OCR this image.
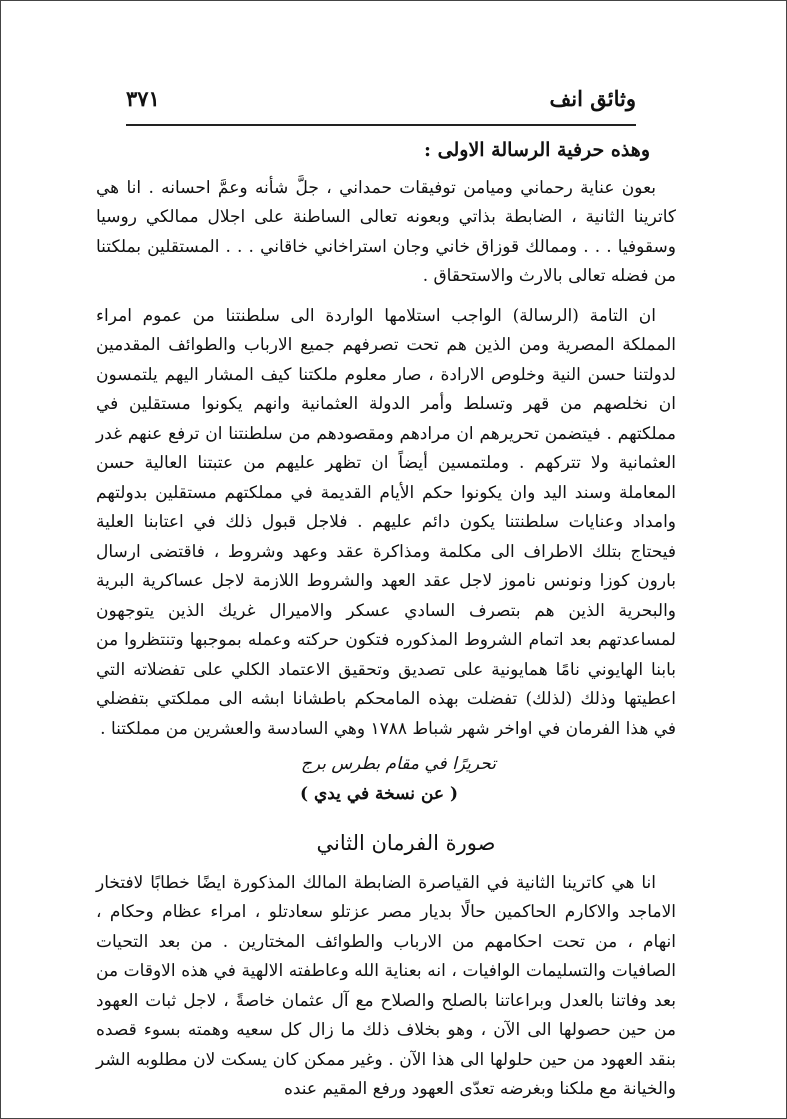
وثائق انف
٣٧١

وهذه حرفية الرسالة الاولى :

بعون عناية رحماني وميامن توفيقات حمداني ، جلَّ شأنه وعمَّ احسانه . انا هي كاترينا الثانية ، الضابطة بذاتي وبعونه تعالى الساطنة على اجلال ممالكي روسيا وسقوفيا . . . وممالك قوزاق خاني وجان استراخاني خاقاني . . . المستقلين بملكتنا من فضله تعالى بالارث والاستحقاق .

ان التامة (الرسالة) الواجب استلامها الواردة الى سلطنتنا من عموم امراء المملكة المصرية ومن الذين هم تحت تصرفهم جميع الارباب والطوائف المقدمين لدولتنا حسن النية وخلوص الارادة ، صار معلوم ملكتنا كيف المشار اليهم يلتمسون ان نخلصهم من قهر وتسلط وأمر الدولة العثمانية وانهم يكونوا مستقلين في مملكتهم . فيتضمن تحريرهم ان مرادهم ومقصودهم من سلطنتنا ان ترفع عنهم غدر العثمانية ولا تتركهم . وملتمسين أيضاً ان تظهر عليهم من عتبتنا العالية حسن المعاملة وسند اليد وان يكونوا حكم الأيام القديمة في مملكتهم مستقلين بدولتهم وامداد وعنايات سلطنتنا يكون دائم عليهم . فلاجل قبول ذلك في اعتابنا العلية فيحتاج بتلك الاطراف الى مكلمة ومذاكرة عقد وعهد وشروط ، فاقتضى ارسال بارون كوزا ونونس ناموز لاجل عقد العهد والشروط اللازمة لاجل عساكرية البرية والبحرية الذين هم بتصرف السادي عسكر والاميرال غريك الذين يتوجهون لمساعدتهم بعد اتمام الشروط المذكوره فتكون حركته وعمله بموجبها وتنتظروا من بابنا الهايوني نامًا همايونية على تصديق وتحقيق الاعتماد الكلي على تفضلاته التي اعطيتها وذلك (لذلك) تفضلت بهذه المامحكم باطشانا ابشه الى مملكتي بتفضلي في هذا الفرمان في اواخر شهر شباط ١٧٨٨ وهي السادسة والعشرين من مملكتنا .

تحريرًا في مقام بطرس برج

( عن نسخة في يدي )

صورة الفرمان الثاني

انا هي كاترينا الثانية في القياصرة الضابطة المالك المذكورة ايضًا خطابًا لافتخار الاماجد والاكارم الحاكمين حالًا بديار مصر عزتلو سعادتلو ، امراء عظام وحكام ، انهام ، من تحت احكامهم من الارباب والطوائف المختارين . من بعد التحيات الصافيات والتسليمات الوافيات ، انه بعناية الله وعاطفته الالهية في هذه الاوقات من بعد وفاتنا بالعدل وبراعاتنا بالصلح والصلاح مع آل عثمان خاصةً ، لاجل ثبات العهود من حين حصولها الى الآن ، وهو بخلاف ذلك ما زال كل سعيه وهمته بسوء قصده بنقد العهود من حين حلولها الى هذا الآن . وغير ممكن كان يسكت لان مطلوبه الشر والخيانة مع ملكنا وبغرضه تعدّى العهود ورفع المقيم عنده
